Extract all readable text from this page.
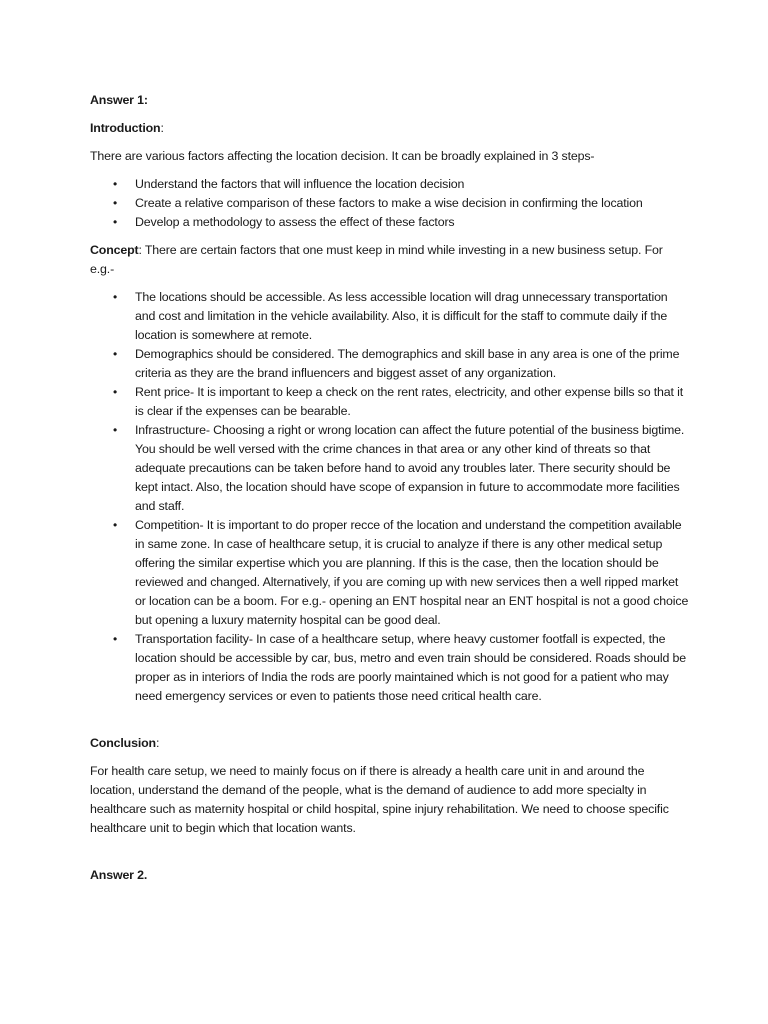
Answer 1:

Introduction:

There are various factors affecting the location decision. It can be broadly explained in 3 steps-

• Understand the factors that will influence the location decision
• Create a relative comparison of these factors to make a wise decision in confirming the location
• Develop a methodology to assess the effect of these factors

Concept: There are certain factors that one must keep in mind while investing in a new business setup. For e.g.-

• The locations should be accessible. As less accessible location will drag unnecessary transportation and cost and limitation in the vehicle availability. Also, it is difficult for the staff to commute daily if the location is somewhere at remote.
• Demographics should be considered. The demographics and skill base in any area is one of the prime criteria as they are the brand influencers and biggest asset of any organization.
• Rent price- It is important to keep a check on the rent rates, electricity, and other expense bills so that it is clear if the expenses can be bearable.
• Infrastructure- Choosing a right or wrong location can affect the future potential of the business bigtime. You should be well versed with the crime chances in that area or any other kind of threats so that adequate precautions can be taken before hand to avoid any troubles later. There security should be kept intact. Also, the location should have scope of expansion in future to accommodate more facilities and staff.
• Competition- It is important to do proper recce of the location and understand the competition available in same zone. In case of healthcare setup, it is crucial to analyze if there is any other medical setup offering the similar expertise which you are planning. If this is the case, then the location should be reviewed and changed. Alternatively, if you are coming up with new services then a well ripped market or location can be a boom. For e.g.- opening an ENT hospital near an ENT hospital is not a good choice but opening a luxury maternity hospital can be good deal.
• Transportation facility- In case of a healthcare setup, where heavy customer footfall is expected, the location should be accessible by car, bus, metro and even train should be considered. Roads should be proper as in interiors of India the rods are poorly maintained which is not good for a patient who may need emergency services or even to patients those need critical health care.

Conclusion:

For health care setup, we need to mainly focus on if there is already a health care unit in and around the location, understand the demand of the people, what is the demand of audience to add more specialty in healthcare such as maternity hospital or child hospital, spine injury rehabilitation. We need to choose specific healthcare unit to begin which that location wants.

Answer 2.
